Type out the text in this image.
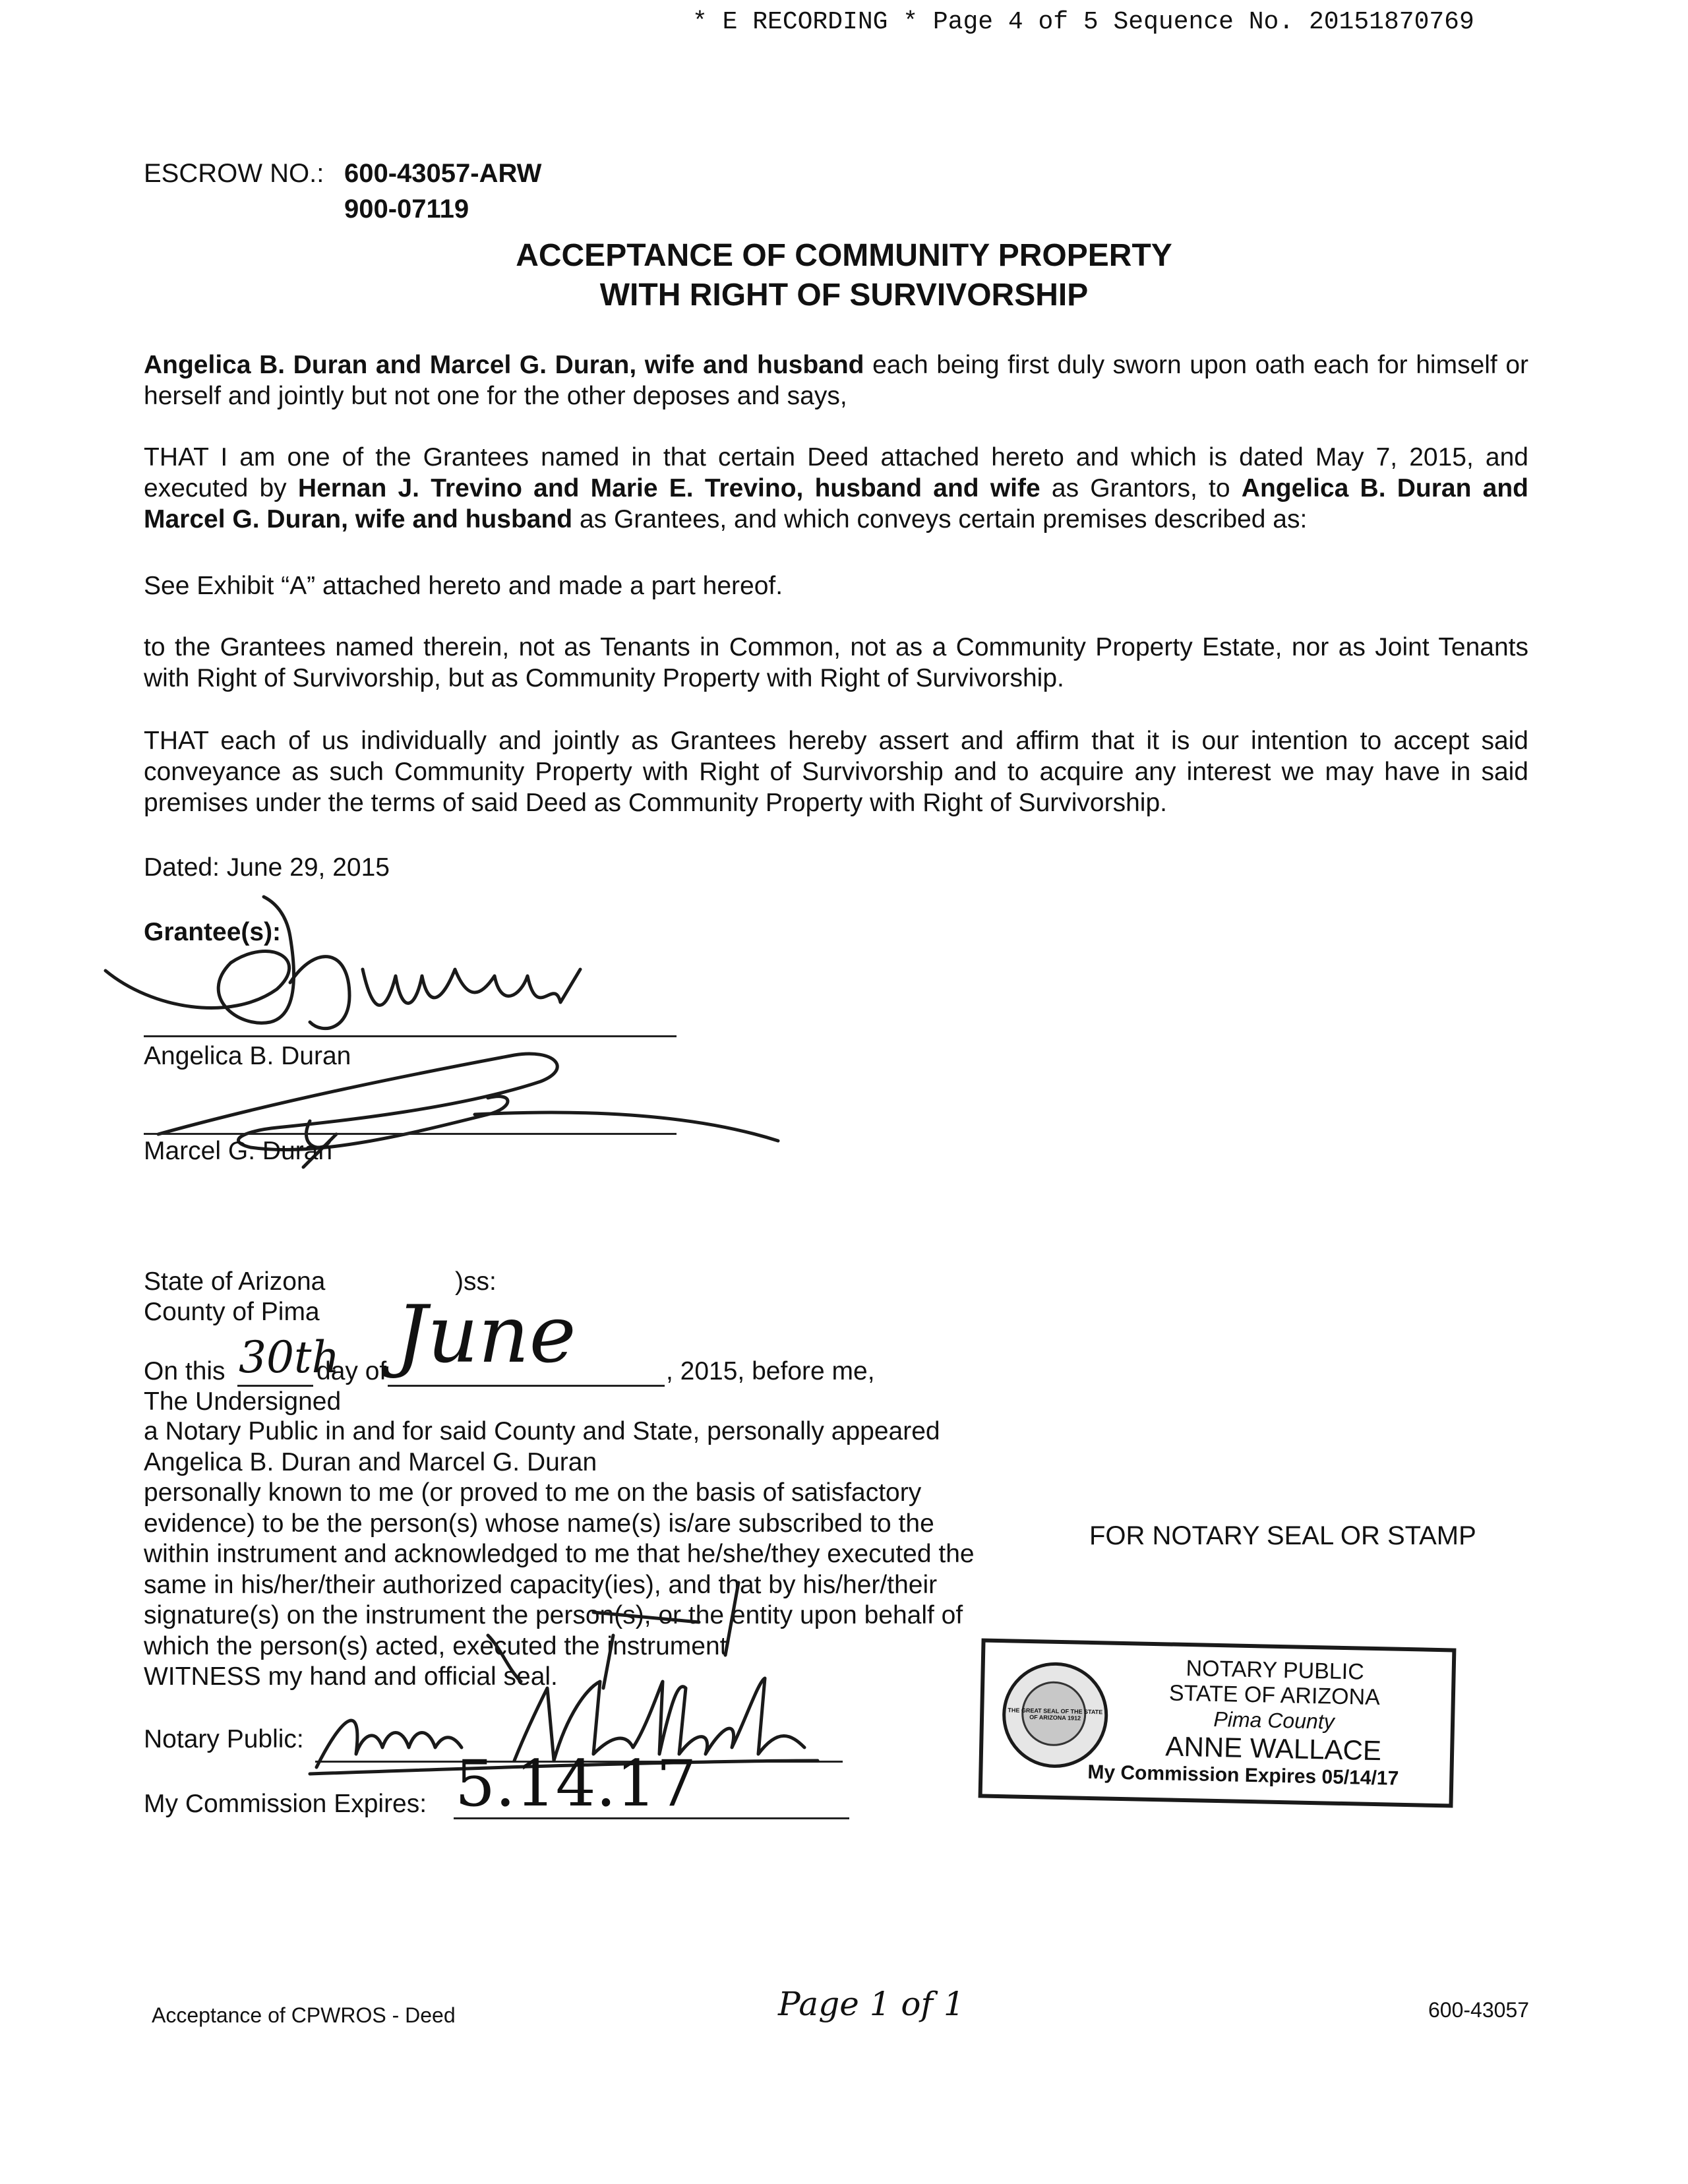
* E RECORDING * Page 4 of 5 Sequence No. 20151870769
ESCROW NO.: 600-43057-ARW
900-07119
ACCEPTANCE OF COMMUNITY PROPERTY
WITH RIGHT OF SURVIVORSHIP
Angelica B. Duran and Marcel G. Duran, wife and husband each being first duly sworn upon oath each for himself or herself and jointly but not one for the other deposes and says,
THAT I am one of the Grantees named in that certain Deed attached hereto and which is dated May 7, 2015, and executed by Hernan J. Trevino and Marie E. Trevino, husband and wife as Grantors, to Angelica B. Duran and Marcel G. Duran, wife and husband as Grantees, and which conveys certain premises described as:
See Exhibit “A” attached hereto and made a part hereof.
to the Grantees named therein, not as Tenants in Common, not as a Community Property Estate, nor as Joint Tenants with Right of Survivorship, but as Community Property with Right of Survivorship.
THAT each of us individually and jointly as Grantees hereby assert and affirm that it is our intention to accept said conveyance as such Community Property with Right of Survivorship and to acquire any interest we may have in said premises under the terms of said Deed as Community Property with Right of Survivorship.
Dated: June 29, 2015
Grantee(s):
Angelica B. Duran
Marcel G. Duran
State of Arizona	)ss:
County of Pima
On this 30th
day of June	, 2015, before me,
The Undersigned
a Notary Public in and for said County and State, personally appeared
Angelica B. Duran and Marcel G. Duran
personally known to me (or proved to me on the basis of satisfactory
evidence) to be the person(s) whose name(s) is/are subscribed to the
within instrument and acknowledged to me that he/she/they executed the
same in his/her/their authorized capacity(ies), and that by his/her/their
signature(s) on the instrument the person(s), or the entity upon behalf of
which the person(s) acted, executed the instrument
WITNESS my hand and official seal.
Notary Public:
My Commission Expires: 5.14.17
FOR NOTARY SEAL OR STAMP
THE GREAT SEAL OF THE STATE OF ARIZONA 1912
NOTARY PUBLIC
STATE OF ARIZONA
Pima County
ANNE WALLACE
My Commission Expires 05/14/17
Acceptance of CPWROS - Deed	Page 1 of 1	600-43057
